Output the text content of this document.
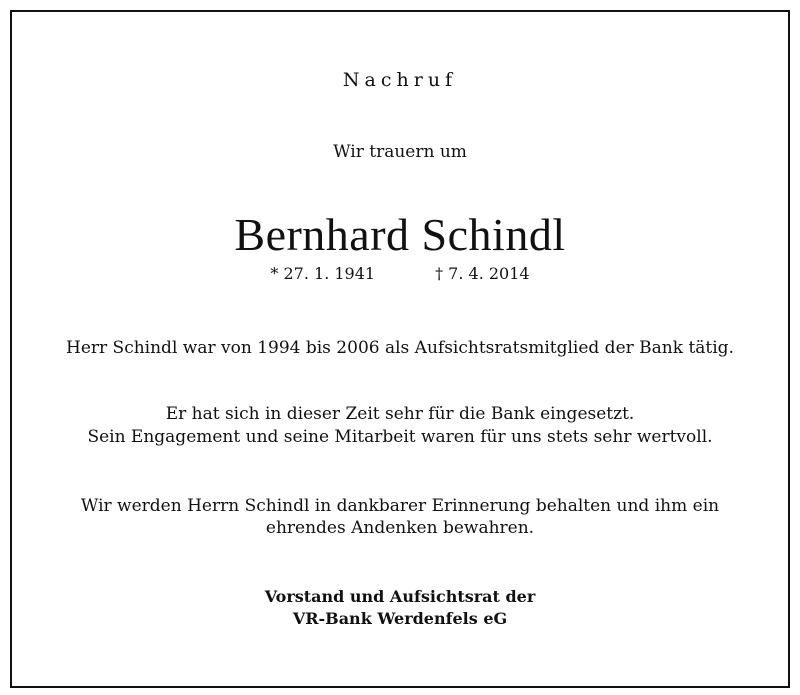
Nachruf
Wir trauern um
Bernhard Schindl
* 27. 1. 1941	† 7. 4. 2014
Herr Schindl war von 1994 bis 2006 als Aufsichtsratsmitglied der Bank tätig.
Er hat sich in dieser Zeit sehr für die Bank eingesetzt.
Sein Engagement und seine Mitarbeit waren für uns stets sehr wertvoll.
Wir werden Herrn Schindl in dankbarer Erinnerung behalten und ihm ein
ehrendes Andenken bewahren.
Vorstand und Aufsichtsrat der
VR-Bank Werdenfels eG
